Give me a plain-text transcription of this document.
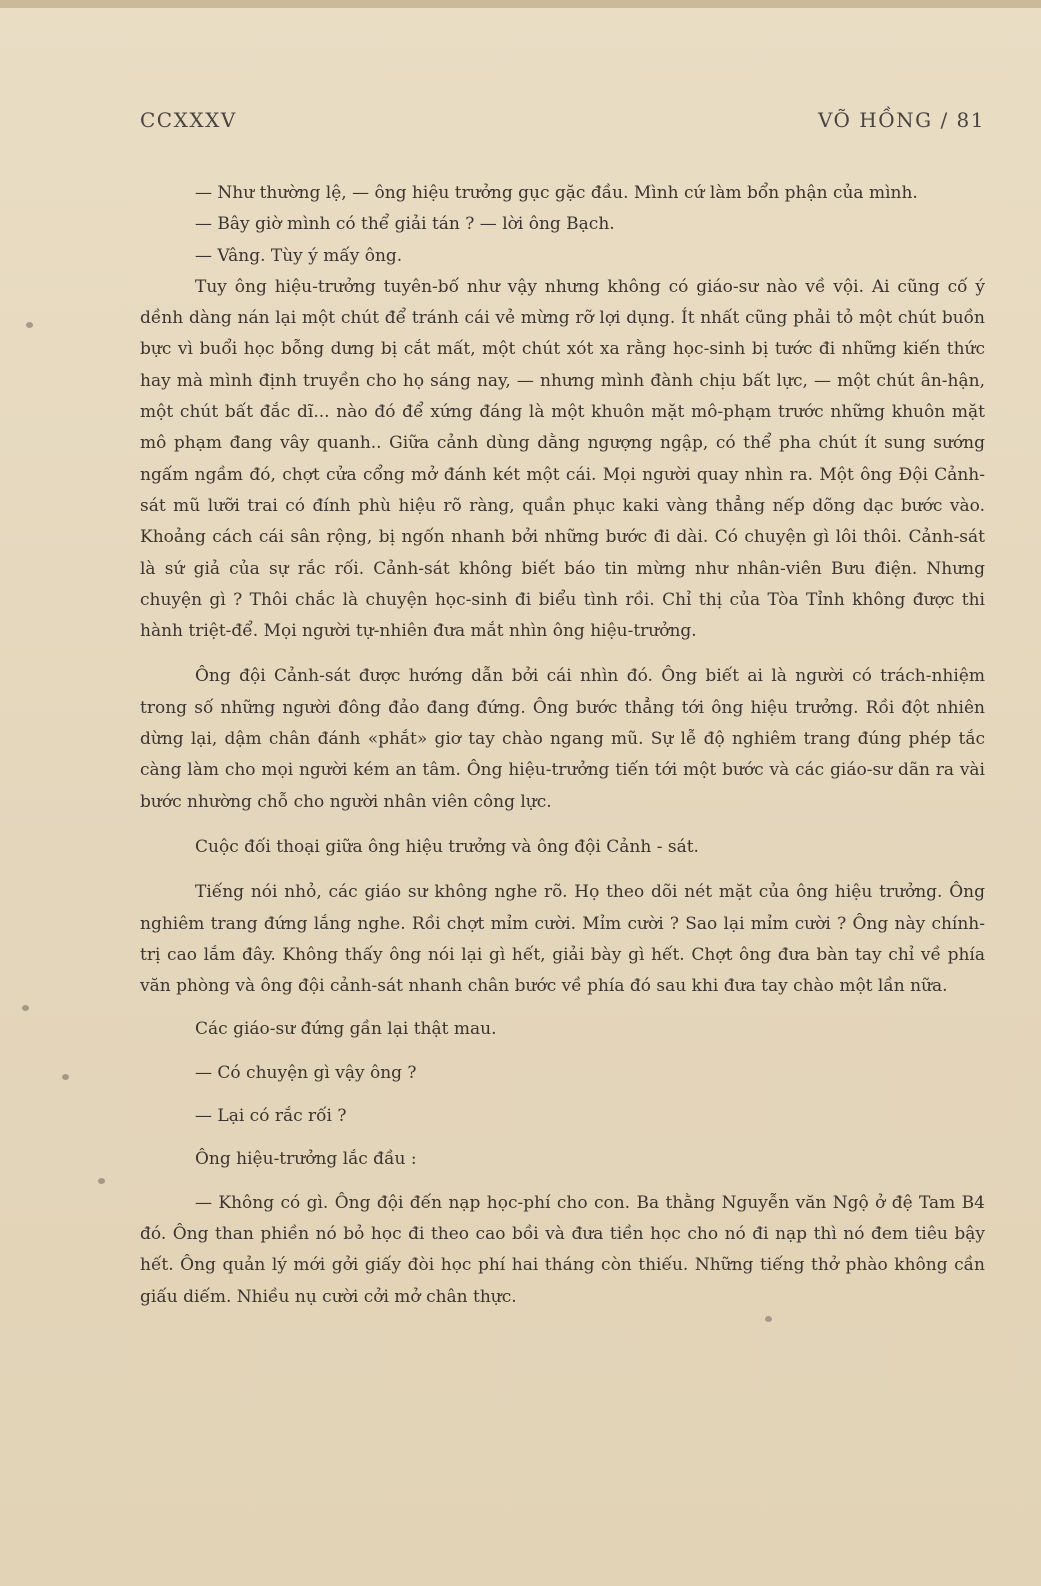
CCXXXV	VÕ HỒNG / 81

— Như thường lệ, — ông hiệu trưởng gục gặc đầu. Mình cứ làm bổn phận của mình.

— Bây giờ mình có thể giải tán ? — lời ông Bạch.

— Vâng. Tùy ý mấy ông.

Tuy ông hiệu-trưởng tuyên-bố như vậy nhưng không có giáo-sư nào về vội. Ai cũng cố ý dềnh dàng nán lại một chút để tránh cái vẻ mừng rỡ lợi dụng. Ít nhất cũng phải tỏ một chút buồn bực vì buổi học bỗng dưng bị cắt mất, một chút xót xa rằng học-sinh bị tước đi những kiến thức hay mà mình định truyền cho họ sáng nay, — nhưng mình đành chịu bất lực, — một chút ân-hận, một chút bất đắc dĩ... nào đó để xứng đáng là một khuôn mặt mô-phạm trước những khuôn mặt mô phạm đang vây quanh.. Giữa cảnh dùng dằng ngượng ngập, có thể pha chút ít sung sướng ngấm ngầm đó, chợt cửa cổng mở đánh két một cái. Mọi người quay nhìn ra. Một ông Đội Cảnh-sát mũ lưỡi trai có đính phù hiệu rõ ràng, quần phục kaki vàng thẳng nếp dõng dạc bước vào. Khoảng cách cái sân rộng, bị ngốn nhanh bởi những bước đi dài. Có chuyện gì lôi thôi. Cảnh-sát là sứ giả của sự rắc rối. Cảnh-sát không biết báo tin mừng như nhân-viên Bưu điện. Nhưng chuyện gì ? Thôi chắc là chuyện học-sinh đi biểu tình rồi. Chỉ thị của Tòa Tỉnh không được thi hành triệt-để. Mọi người tự-nhiên đưa mắt nhìn ông hiệu-trưởng.

Ông đội Cảnh-sát được hướng dẫn bởi cái nhìn đó. Ông biết ai là người có trách-nhiệm trong số những người đông đảo đang đứng. Ông bước thẳng tới ông hiệu trưởng. Rồi đột nhiên dừng lại, dậm chân đánh «phắt» giơ tay chào ngang mũ. Sự lễ độ nghiêm trang đúng phép tắc càng làm cho mọi người kém an tâm. Ông hiệu-trưởng tiến tới một bước và các giáo-sư dãn ra vài bước nhường chỗ cho người nhân viên công lực.

Cuộc đối thoại giữa ông hiệu trưởng và ông đội Cảnh - sát.

Tiếng nói nhỏ, các giáo sư không nghe rõ. Họ theo dõi nét mặt của ông hiệu trưởng. Ông nghiêm trang đứng lắng nghe. Rồi chợt mỉm cười. Mỉm cười ? Sao lại mỉm cười ? Ông này chính-trị cao lắm đây. Không thấy ông nói lại gì hết, giải bày gì hết. Chợt ông đưa bàn tay chỉ về phía văn phòng và ông đội cảnh-sát nhanh chân bước về phía đó sau khi đưa tay chào một lần nữa.

Các giáo-sư đứng gần lại thật mau.

— Có chuyện gì vậy ông ?

— Lại có rắc rối ?

Ông hiệu-trưởng lắc đầu :

— Không có gì. Ông đội đến nạp học-phí cho con. Ba thằng Nguyễn văn Ngộ ở đệ Tam B4 đó. Ông than phiền nó bỏ học đi theo cao bồi và đưa tiền học cho nó đi nạp thì nó đem tiêu bậy hết. Ông quản lý mới gởi giấy đòi học phí hai tháng còn thiếu. Những tiếng thở phào không cần giấu diếm. Nhiều nụ cười cởi mở chân thực.
